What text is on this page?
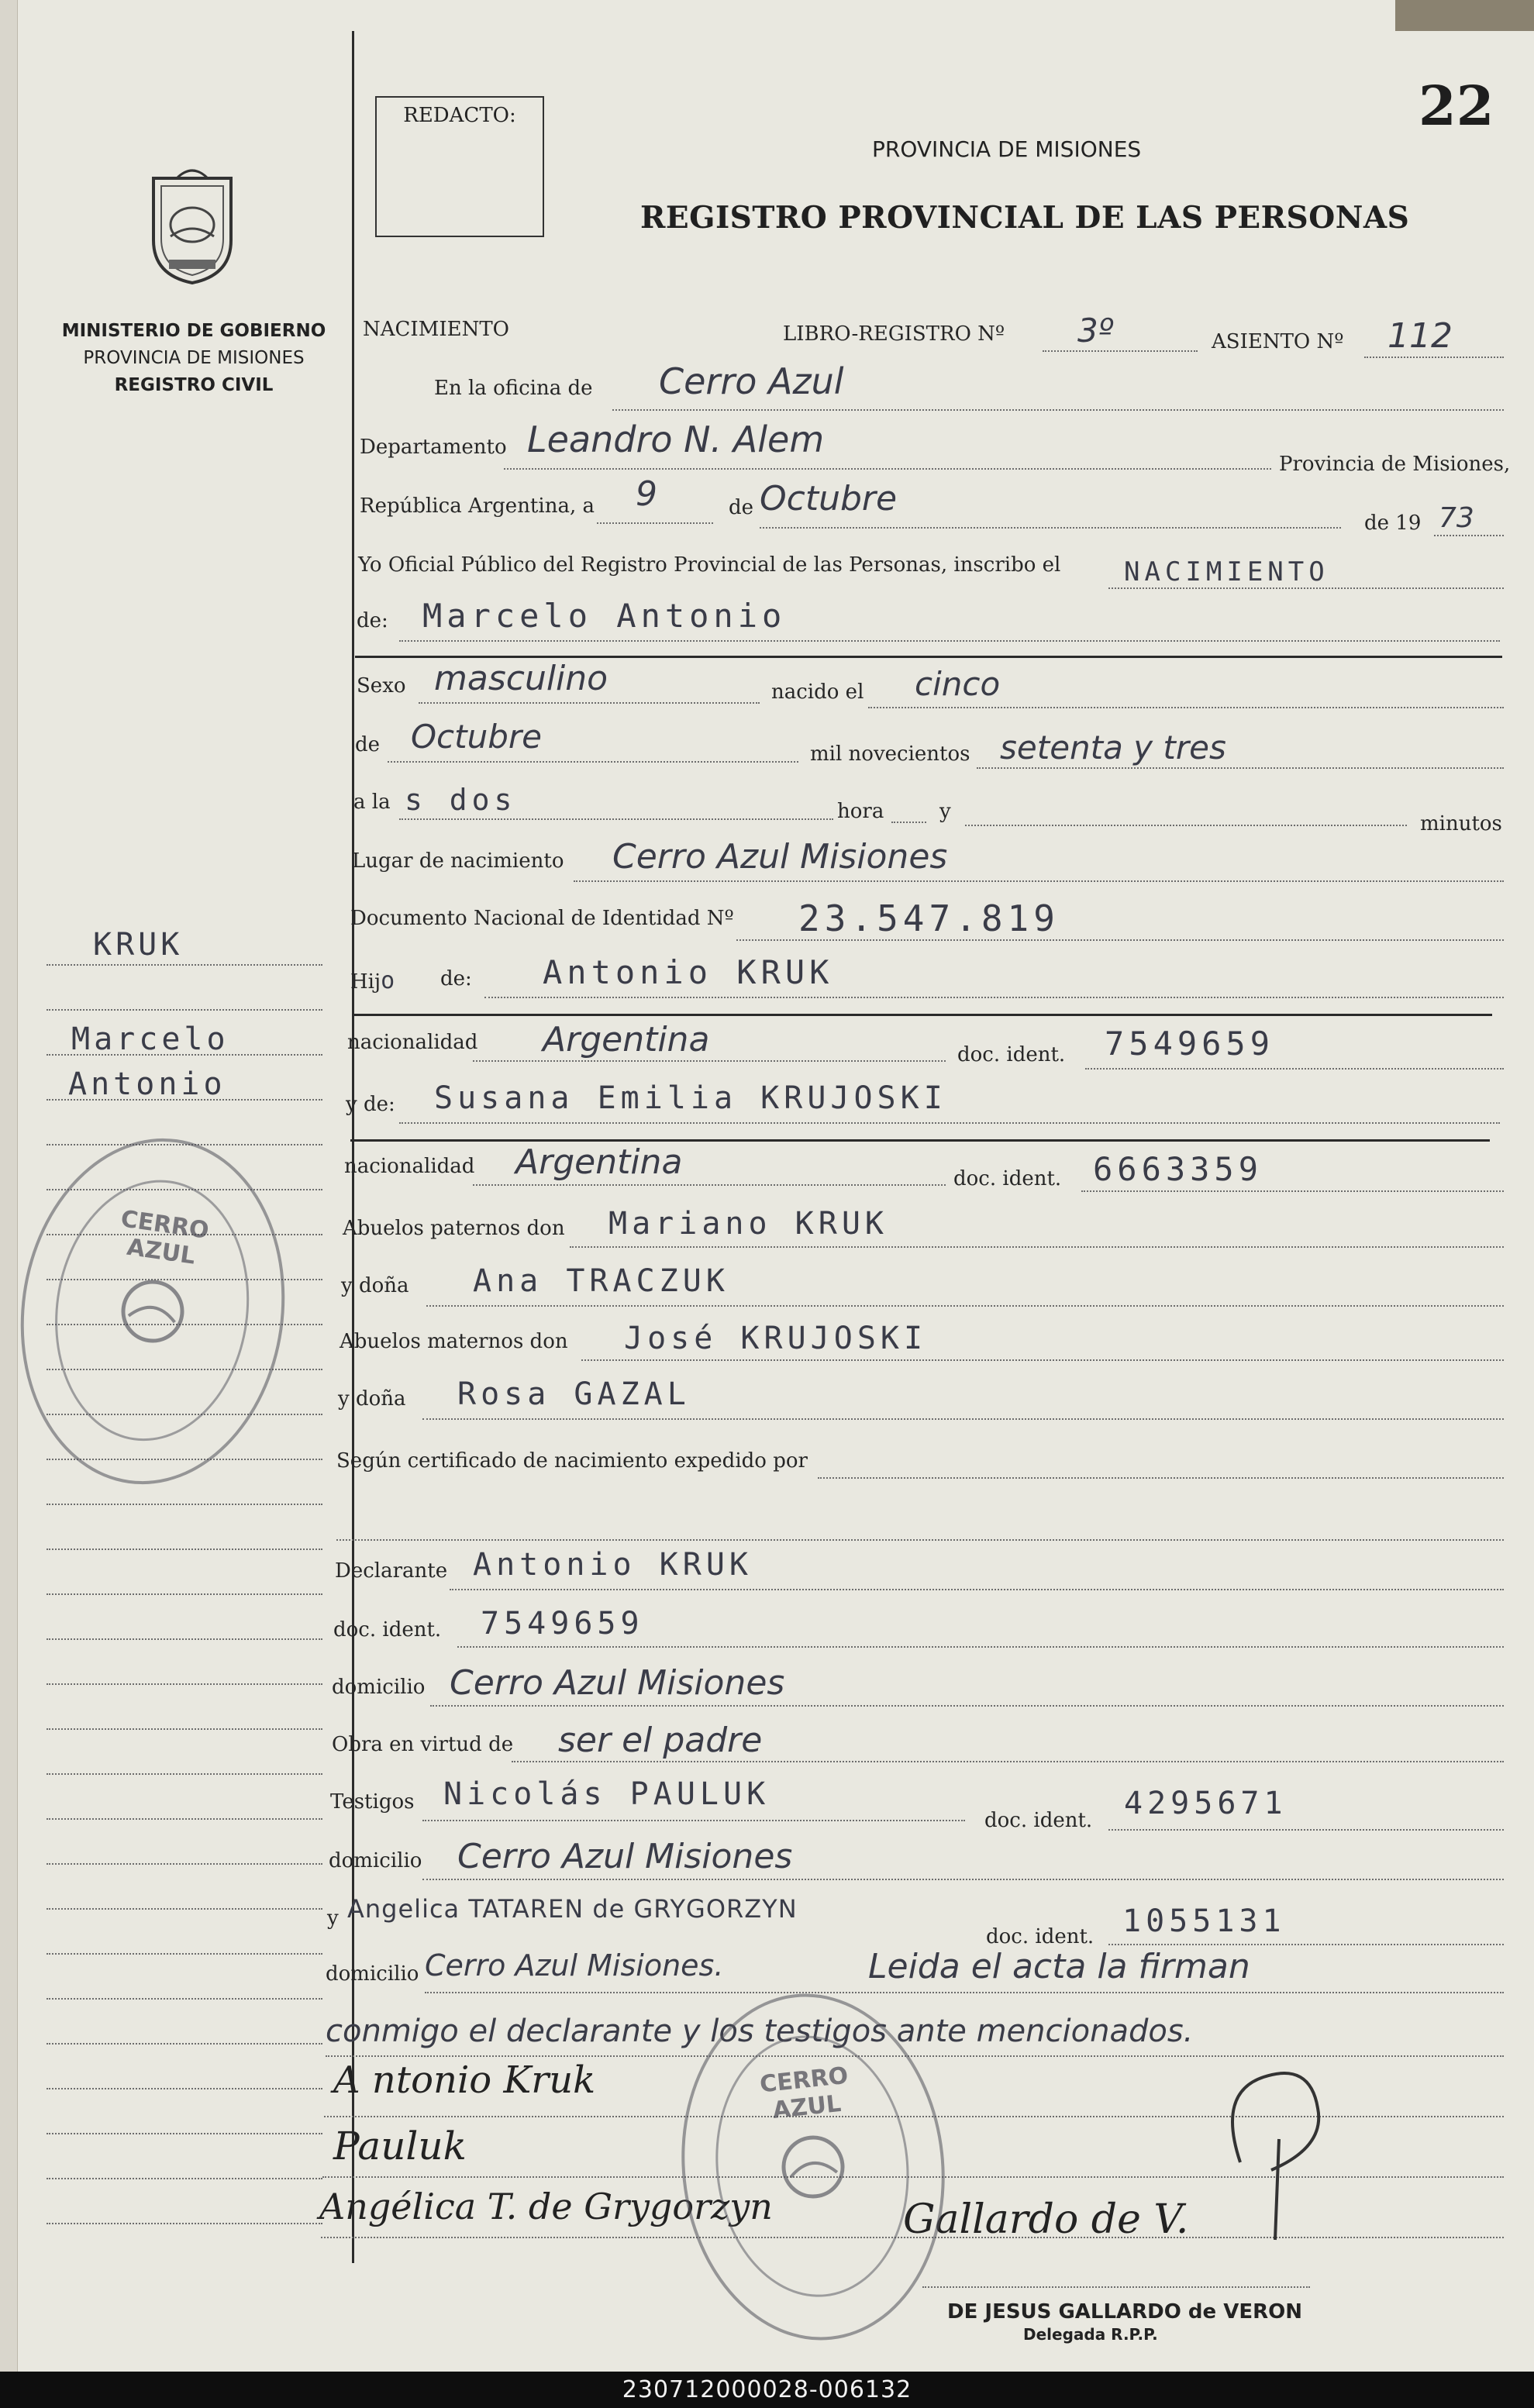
22
REDACTO:
MINISTERIO DE GOBIERNO
PROVINCIA DE MISIONES
REGISTRO CIVIL
PROVINCIA DE MISIONES
REGISTRO PROVINCIAL DE LAS PERSONAS
NACIMIENTO	LIBRO-REGISTRO Nº 3º	ASIENTO Nº 112
En la oficina de Cerro Azul
Departamento Leandro N. Alem
Provincia de Misiones,
República Argentina, a 9	de Octubre
de 19 73
Yo Oficial Público del Registro Provincial de las Personas, inscribo el NACIMIENTO
de: Marcelo Antonio
Sexo masculino	nacido el cinco
de Octubre	mil novecientos setenta y tres
a la s dos	hora	y
minutos
Lugar de nacimiento Cerro Azul Misiones
Documento Nacional de Identidad Nº 23.547.819
Hijo de: Antonio KRUK
nacionalidad Argentina	doc. ident. 7549659
y de: Susana Emilia KRUJOSKI
nacionalidad Argentina	doc. ident. 6663359
Abuelos paternos don Mariano KRUK
y doña Ana TRACZUK
Abuelos maternos don José KRUJOSKI
y doña Rosa GAZAL
Según certificado de nacimiento expedido por
Declarante Antonio KRUK
doc. ident. 7549659
domicilio Cerro Azul Misiones
Obra en virtud de ser el padre
Testigos Nicolás PAULUK
doc. ident. 4295671
domicilio Cerro Azul Misiones
y Angelica TATAREN de GRYGORZYN
doc. ident. 1055131
domicilio Cerro Azul Misiones.	Leida el acta la firman
conmigo el declarante y los testigos ante mencionados.
A ntonio Kruk
Pauluk
Angélica T. de Grygorzyn	Gallardo de V.
DE JESUS GALLARDO de VERON
Delegada R.P.P.
KRUK
Marcelo
Antonio
CERRO AZUL
CERRO AZUL
230712000028-006132
